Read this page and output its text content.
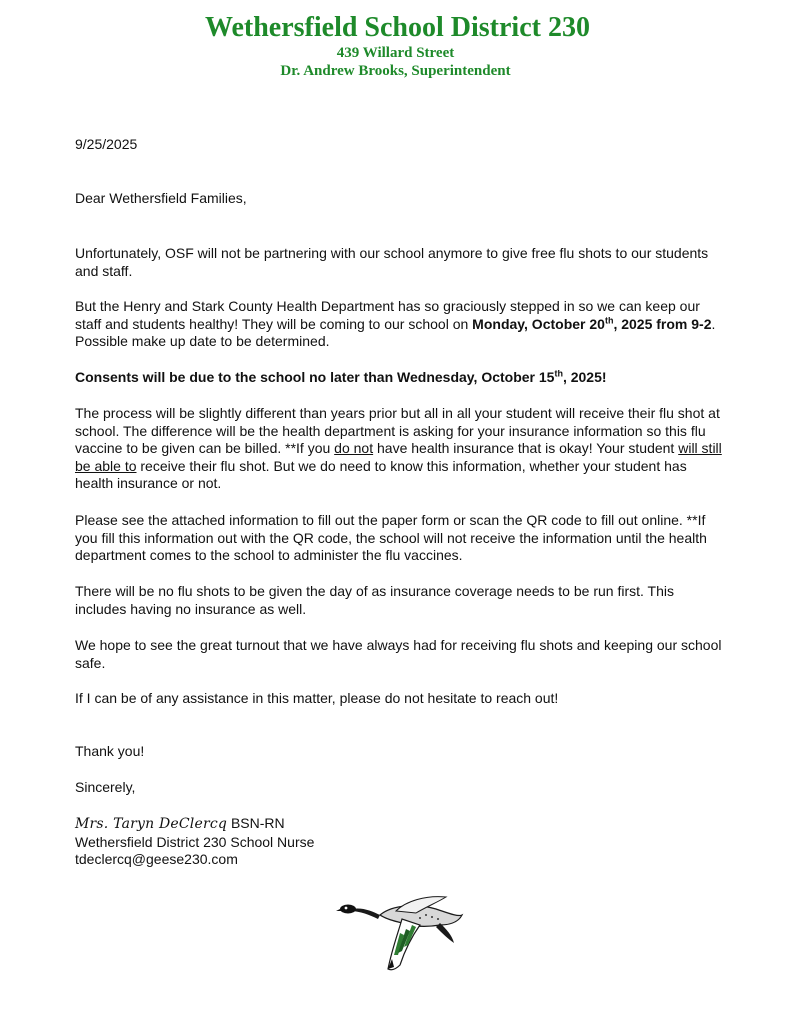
Wethersfield School District 230
439 Willard Street
Dr. Andrew Brooks, Superintendent

9/25/2025

Dear Wethersfield Families,

Unfortunately, OSF will not be partnering with our school anymore to give free flu shots to our students and staff.

But the Henry and Stark County Health Department has so graciously stepped in so we can keep our staff and students healthy! They will be coming to our school on Monday, October 20th, 2025 from 9-2. Possible make up date to be determined.

Consents will be due to the school no later than Wednesday, October 15th, 2025!

The process will be slightly different than years prior but all in all your student will receive their flu shot at school. The difference will be the health department is asking for your insurance information so this flu vaccine to be given can be billed. **If you do not have health insurance that is okay! Your student will still be able to receive their flu shot. But we do need to know this information, whether your student has health insurance or not.

Please see the attached information to fill out the paper form or scan the QR code to fill out online. **If you fill this information out with the QR code, the school will not receive the information until the health department comes to the school to administer the flu vaccines.

There will be no flu shots to be given the day of as insurance coverage needs to be run first. This includes having no insurance as well.

We hope to see the great turnout that we have always had for receiving flu shots and keeping our school safe.

If I can be of any assistance in this matter, please do not hesitate to reach out!

Thank you!

Sincerely,

Mrs. Taryn DeClercq BSN-RN

Wethersfield District 230 School Nurse

tdeclercq@geese230.com
